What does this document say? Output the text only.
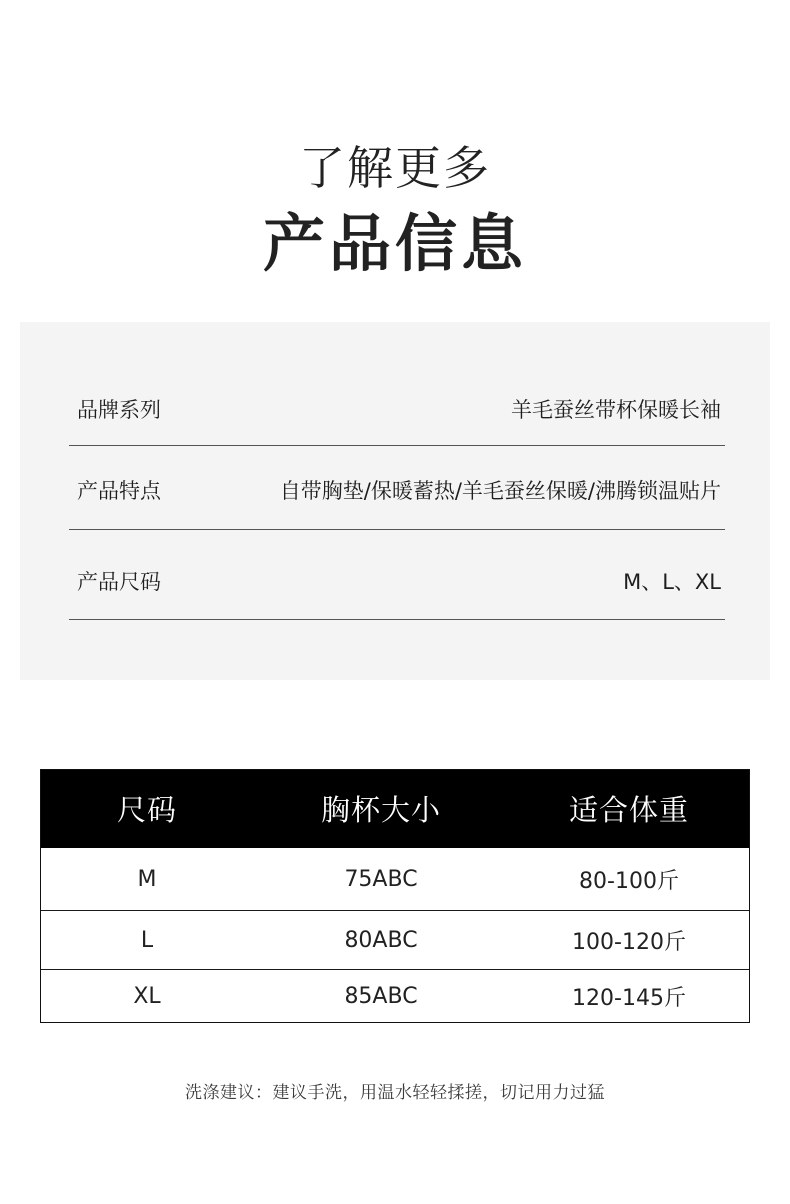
了解更多
产品信息
品牌系列	羊毛蚕丝带杯保暖长袖
产品特点	自带胸垫/保暖蓄热/羊毛蚕丝保暖/沸腾锁温贴片
产品尺码	M、L、XL
尺码	胸杯大小	适合体重
M	75ABC	80-100斤
L	80ABC	100-120斤
XL	85ABC	120-145斤
洗涤建议：建议手洗，用温水轻轻揉搓，切记用力过猛
